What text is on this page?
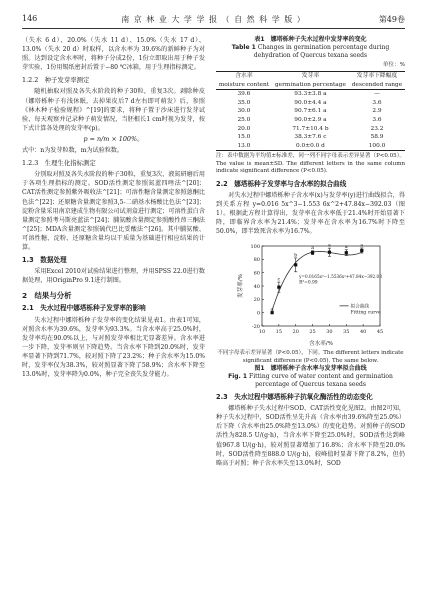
146	南 京 林 业 大 学 学 报 （ 自 然 科 学 版 ）	第49卷

（失水 6 d）、20.0%（失水 11 d）、15.0%（失水 17 d）、13.0%（失水 20 d）时取样，以含水率为 39.6%的新鲜种子为对照。达到设定含水率时，将种子分成2份，1份立即取出用于种子发芽实验，1份用锡纸密封后置于−80 ℃冰箱，用于生理指标测定。

1.2.2　种子发芽率测定

随机抽取对照及各失水阶段的种子30粒，重复3次。剥除种皮（娜塔栎种子有浅休眠，去掉果皮后7 d左右即可萌发）后，参照《林木种子检验规程》^[19]的要求，将种子置于沙床进行发芽试验，每天观察并记录种子萌发情况，当胚根长1 cm时视为发芽，按下式计算各处理的发芽率(p)。

p = n/m × 100%。

式中：n为发芽粒数，m为试验粒数。

1.2.3　生理生化指标测定

分别取对照及各失水阶段的种子30粒，重复3次，液氮研磨后用于各项生理指标的测定。SOD活性测定参照氮蓝四唑法^[20]；CAT活性测定参照紫外吸收法^[21]；可溶性糖含量测定参照蒽酮比色法^[22]；还原糖含量测定参照3,5-二硝基水杨酸比色法^[23]；淀粉含量采用南京建成生物有限公司试剂盒进行测定；可溶性蛋白含量测定参照考马斯亮蓝法^[24]；脯氨酸含量测定参照酸性茚三酮法^[25]；MDA含量测定参照硫代巴比妥酸法^[26]。其中脯氨酸、可溶性糖、淀粉、还原糖含量均以干质量为基础进行相应结果的计算。

1.3　数据处理

采用Excel 2010对试验结果进行整理，并用SPSS 22.0进行数据处理，用OriginPro 9.1进行制图。

2　结果与分析
2.1　失水过程中娜塔栎种子发芽率的影响

失水过程中娜塔栎种子发芽率的变化结果见表1。由表1可知，对照含水率为39.6%，发芽率为93.3%。当含水率高于25.0%时，发芽率均在90.0%以上，与对照发芽率相比无显著差异。含水率进一步下降，发芽率则呈下降趋势。当含水率下降到20.0%时，发芽率显著下降到71.7%，较对照下降了23.2%；种子含水率为15.0%时，发芽率仅为38.3%，较对照显著下降了58.9%；含水率下降至13.0%时，发芽率降为0.0%，种子完全丧失发芽能力。

表1　娜塔栎种子失水过程中发芽率的变化
Table 1 Changes in germination percentage during dehydration of Quercus texana seeds
单位：%
含水率	发芽率	发芽率下降幅度
moisture content	germination percentage	descended range
39.6	93.3±3.8 a	—
35.0	90.0±4.4 a	3.6
30.0	90.7±6.1 a	2.9
25.0	90.0±2.9 a	3.6
20.0	71.7±10.4 b	23.2
15.0	38.3±7.6 c	58.9
13.0	0.0±0.0 d	100.0
注：表中数据为平均值±标准差，同一列不同字母表示差异显著（P<0.05）。The value is mean±SD. The different letters in the same column indicate significant difference (P<0.05).
2.2　娜塔栎种子发芽率与含水率的拟合曲线

对失水过程中娜塔栎种子含水率(x)与发芽率(y)进行曲线拟合，得到关系方程 y=0.016 5x^3−1.553 6x^2+47.84x−392.03（图1）。根据此方程计算得出，发芽率在含水率低于21.4%时开始显著下降，即临界含水率为21.4%；发芽率在含水率为16.7%时下降至50.0%，即半致死含水率为16.7%。

10 15 20 25 30 35 40 45
-20
0
20
40
60
80
100
含水率/%
发芽率/%
a
a
a
a
b
c
d
y=0.0165x³−1.5536x²+47.84x−392.03
R²=0.99
拟合曲线
Fitting curve
不同字母表示差异显著（P<0.05），下同。The different letters indicate significant difference (P<0.05). The same below.
图1　娜塔栎种子含水率与发芽率拟合曲线
Fig. 1 Fitting curve of water content and germination percentage of Quercus texana seeds
2.3　失水过程中娜塔栎种子抗氧化酶活性的动态变化

娜塔栎种子失水过程中SOD、CAT活性变化见图2。由图2可知，种子失水过程中，SOD活性呈先升高（含水率由39.6%降至25.0%）后下降（含水率由25.0%降至13.0%）的变化趋势。对照种子的SOD活性为828.5 U/(g·h)，当含水率下降至25.0%时，SOD活性达到峰值967.8 U/(g·h)，较对照显著增加了16.8%；含水率下降至20.0%时，SOD活性降至888.0 U/(g·h)，较峰值时显著下降了8.2%，但仍略高于对照；种子含水率失至13.0%时，SOD
